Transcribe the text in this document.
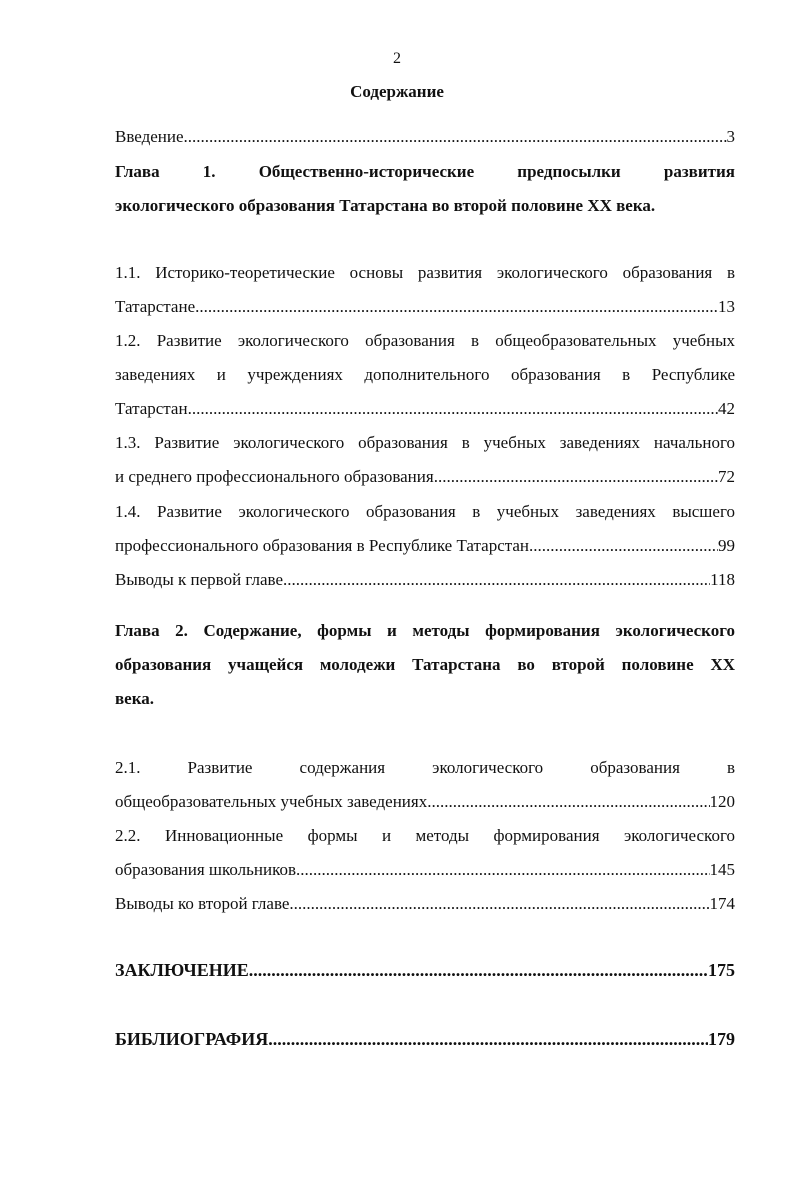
2
Содержание
Введение .....	3
Глава 1. Общественно-исторические предпосылки развития
экологического образования Татарстана во второй половине XX века.
1.1. Историко-теоретические основы развития экологического образования в
Татарстане .....	13
1.2. Развитие экологического образования в общеобразовательных учебных
заведениях и учреждениях дополнительного образования в Республике
Татарстан .....	42
1.3. Развитие экологического образования в учебных заведениях начального
и среднего профессионального образования .....	72
1.4. Развитие экологического образования в учебных заведениях высшего
профессионального образования в Республике Татарстан .....	99
Выводы к первой главе .....	118
Глава 2. Содержание, формы и методы формирования экологического
образования учащейся молодежи Татарстана во второй половине XX
века.
2.1. Развитие содержания экологического образования в
общеобразовательных учебных заведениях .....	120
2.2. Инновационные формы и методы формирования экологического
образования школьников .....	145
Выводы ко второй главе .....	174
ЗАКЛЮЧЕНИЕ .....	175
БИБЛИОГРАФИЯ .....	179
